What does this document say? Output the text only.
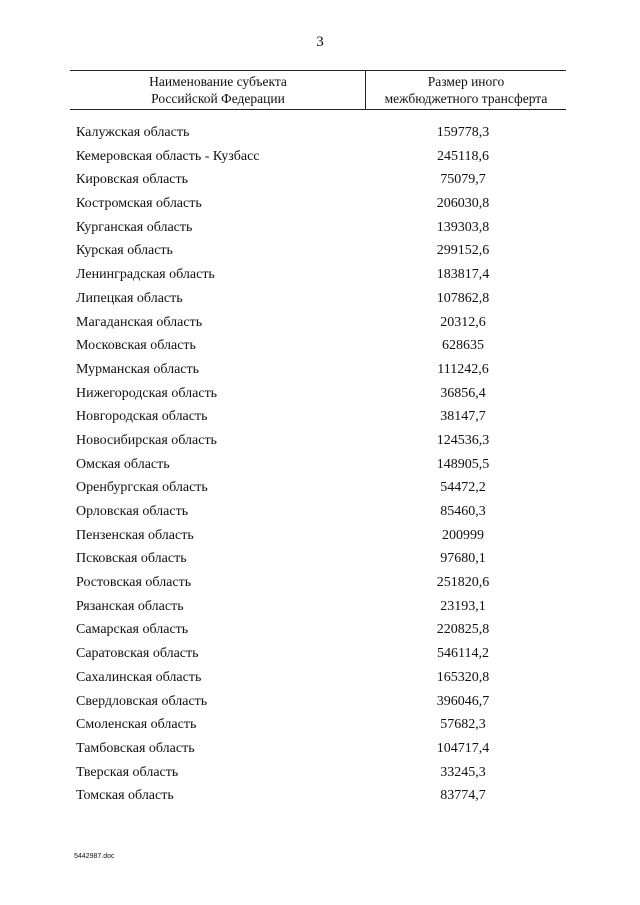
3
Наименование субъекта
Российской Федерации
Размер иного
межбюджетного трансферта
Калужская область	159778,3
Кемеровская область - Кузбасс	245118,6
Кировская область	75079,7
Костромская область	206030,8
Курганская область	139303,8
Курская область	299152,6
Ленинградская область	183817,4
Липецкая область	107862,8
Магаданская область	20312,6
Московская область	628635
Мурманская область	111242,6
Нижегородская область	36856,4
Новгородская область	38147,7
Новосибирская область	124536,3
Омская область	148905,5
Оренбургская область	54472,2
Орловская область	85460,3
Пензенская область	200999
Псковская область	97680,1
Ростовская область	251820,6
Рязанская область	23193,1
Самарская область	220825,8
Саратовская область	546114,2
Сахалинская область	165320,8
Свердловская область	396046,7
Смоленская область	57682,3
Тамбовская область	104717,4
Тверская область	33245,3
Томская область	83774,7
5442987.doc
